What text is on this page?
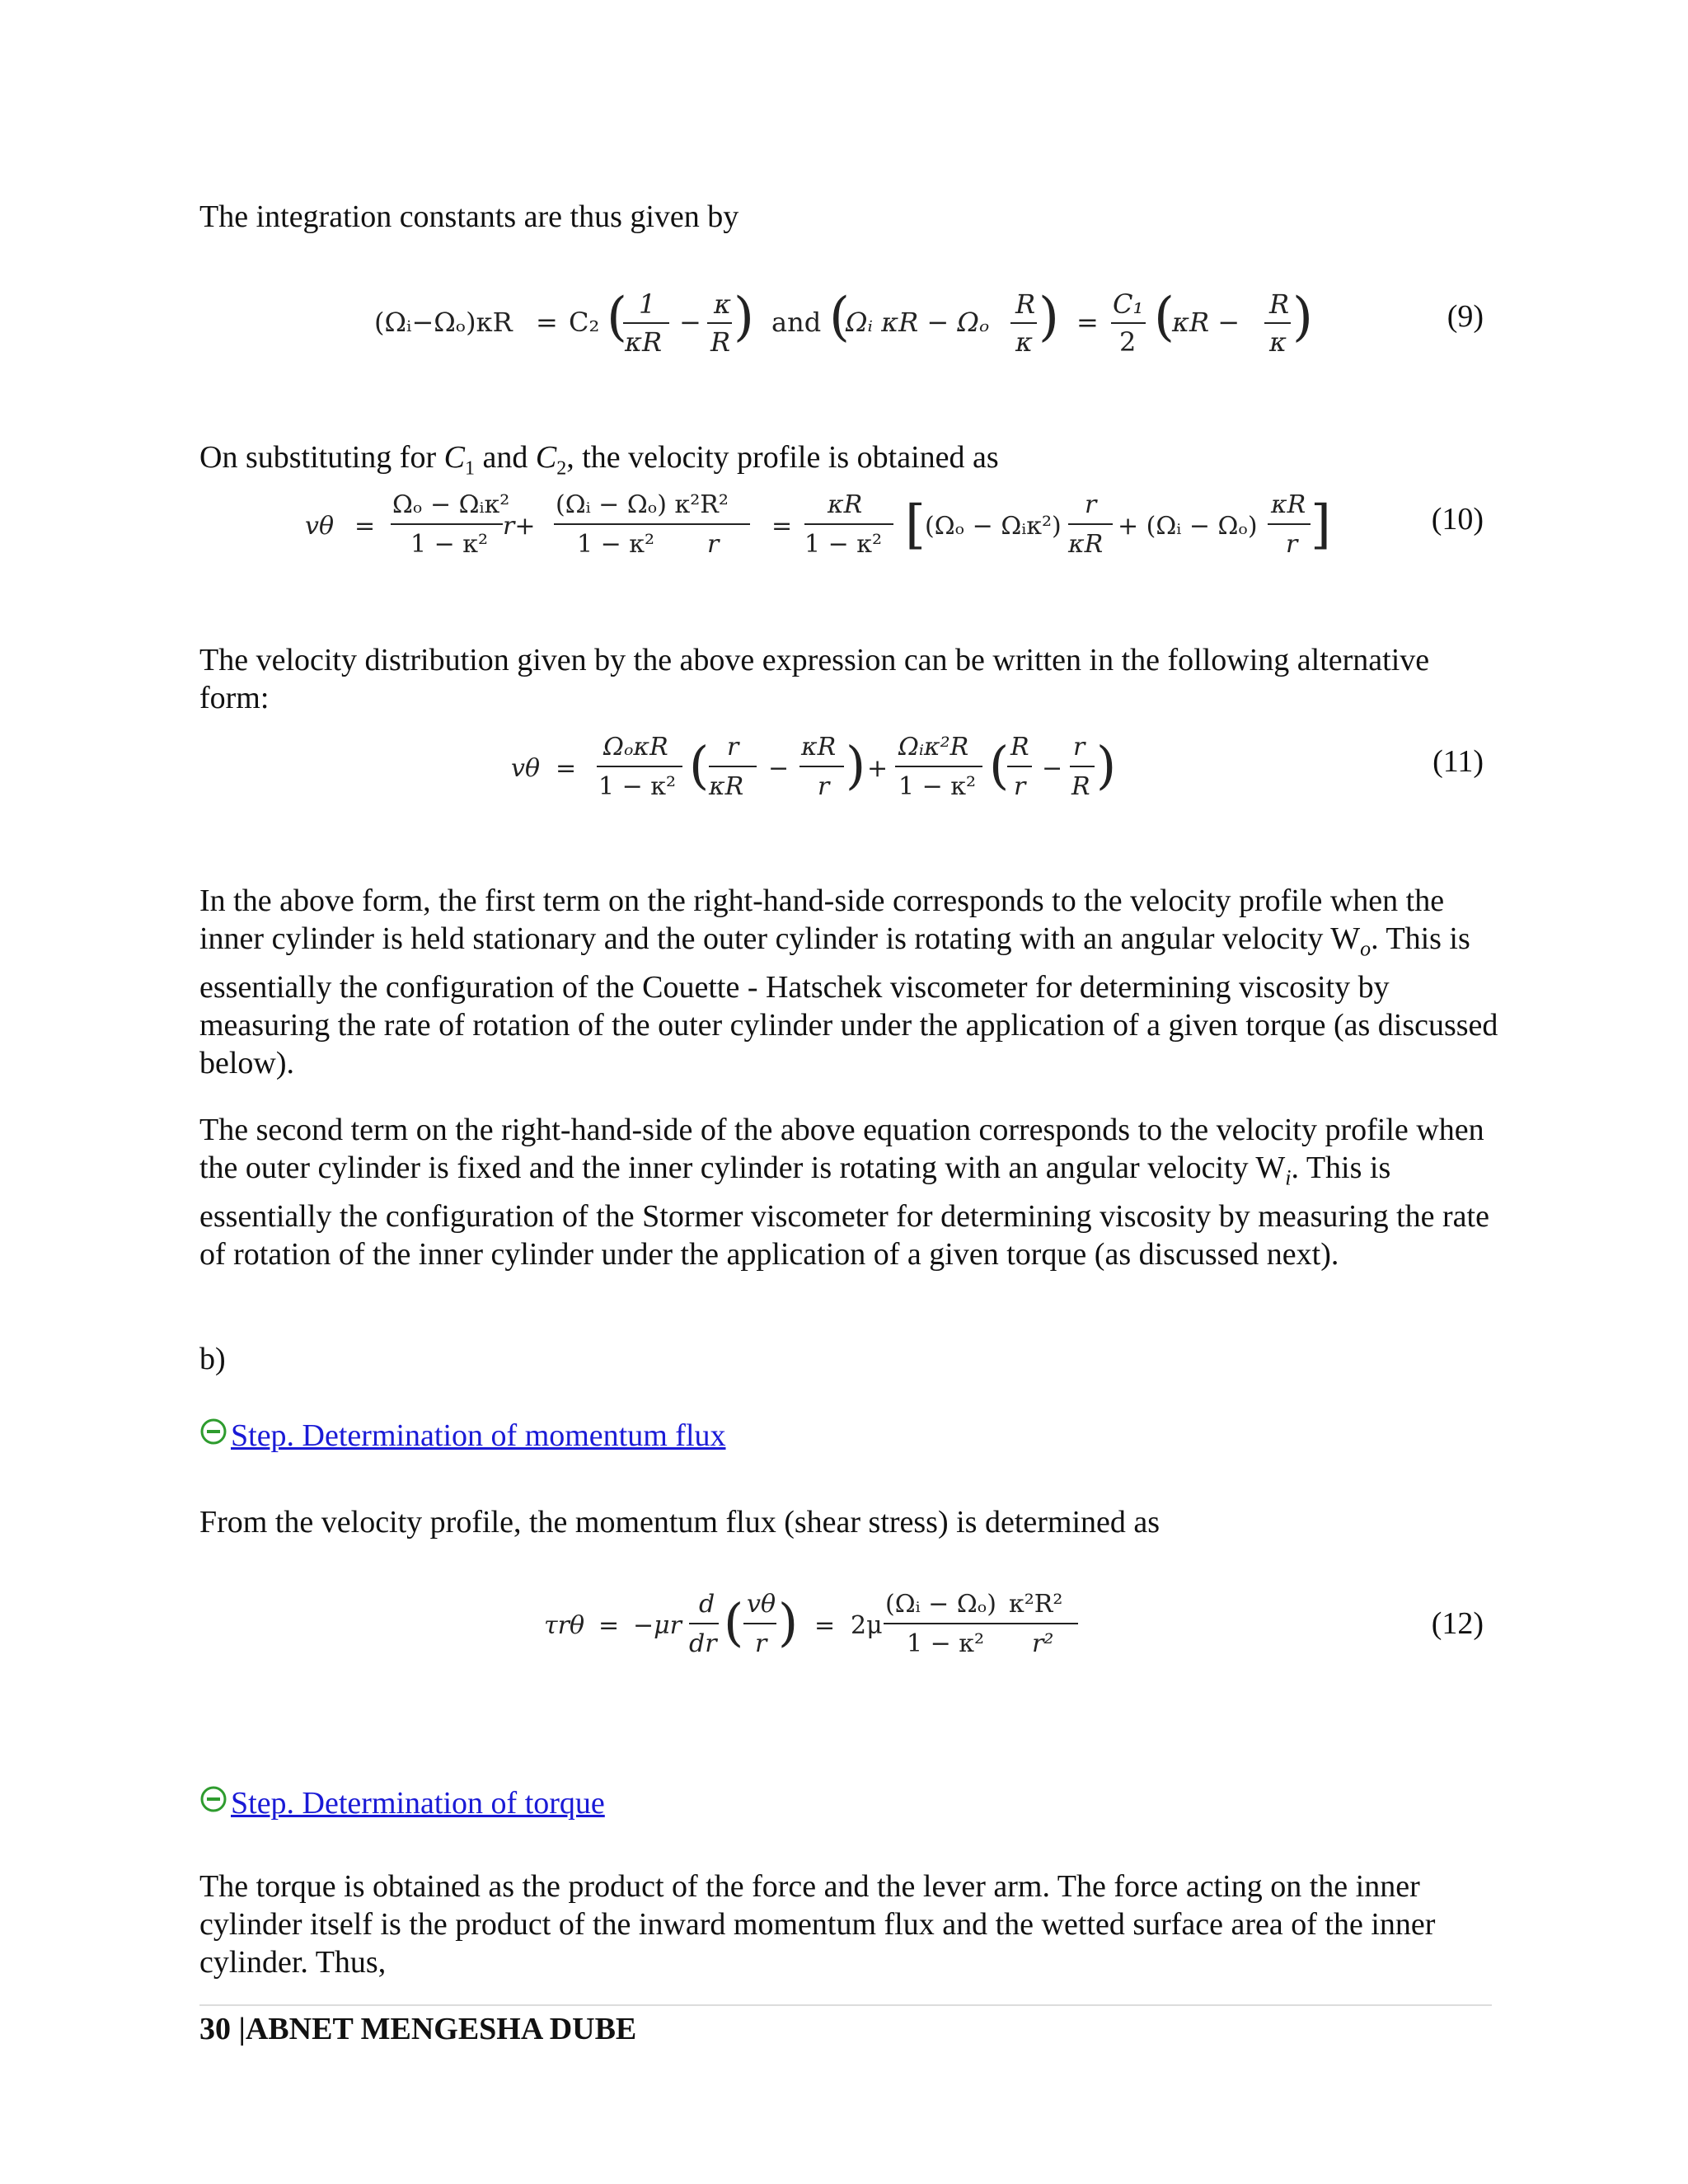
The integration constants are thus given by

(Ωᵢ−Ωₒ)κR = C₂ ( 1
κR
−
κ
R ) and (
Ωᵢ κR − Ωₒ
R
κ ) =
C₁
2 (
κR −
R
κ )	(9)

On substituting for $C_1$ and $C_2$, the velocity profile is obtained as

vθ =
Ωₒ − Ωᵢκ²
1 − κ²
r+
(Ωᵢ − Ωₒ) κ²R²
1 − κ² r
=
κR
1 − κ² [ (Ωₒ − Ωᵢκ²)
r
κR
+ (Ωᵢ − Ωₒ)
κR
r ]	(10)

The velocity distribution given by the above expression can be written in the following alternative form:

vθ =
ΩₒκR
1 − κ² ( r
κR
−
κR
r ) +
Ωᵢκ²R
1 − κ² ( R
r
−
r
R )	(11)

In the above form, the first term on the right-hand-side corresponds to the velocity profile when the inner cylinder is held stationary and the outer cylinder is rotating with an angular velocity $W_o$. This is essentially the configuration of the Couette - Hatschek viscometer for determining viscosity by measuring the rate of rotation of the outer cylinder under the application of a given torque (as discussed below).

The second term on the right-hand-side of the above equation corresponds to the velocity profile when the outer cylinder is fixed and the inner cylinder is rotating with an angular velocity $W_i$. This is essentially the configuration of the Stormer viscometer for determining viscosity by measuring the rate of rotation of the inner cylinder under the application of a given torque (as discussed next).

b)

Step. Determination of momentum flux

From the velocity profile, the momentum flux (shear stress) is determined as

τrθ = −μr
d
dr ( vθ
r ) = 2μ
(Ωᵢ − Ωₒ) κ²R²
1 − κ² r²
(12)
Step. Determination of torque

The torque is obtained as the product of the force and the lever arm. The force acting on the inner cylinder itself is the product of the inward momentum flux and the wetted surface area of the inner cylinder. Thus,

30 |ABNET MENGESHA DUBE
